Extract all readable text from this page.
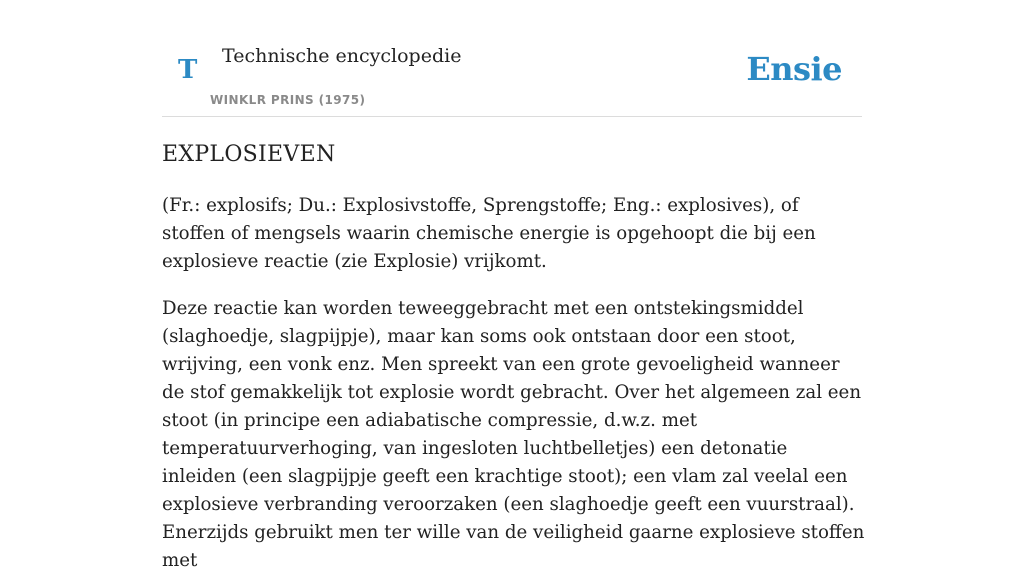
T Technische encyclopedie
WINKLR PRINS (1975)
Ensie
EXPLOSIEVEN

(Fr.: explosifs; Du.: Explosivstoffe, Sprengstoffe; Eng.: explosives), of stoffen of mengsels waarin chemische energie is opgehoopt die bij een explosieve reactie (zie Explosie) vrijkomt.

Deze reactie kan worden teweeggebracht met een ontstekingsmiddel (slaghoedje, slagpijpje), maar kan soms ook ontstaan door een stoot, wrijving, een vonk enz. Men spreekt van een grote gevoeligheid wanneer de stof gemakkelijk tot explosie wordt gebracht. Over het algemeen zal een stoot (in principe een adiabatische compressie, d.w.z. met temperatuurverhoging, van ingesloten luchtbelletjes) een detonatie inleiden (een slagpijpje geeft een krachtige stoot); een vlam zal veelal een explosieve verbranding veroorzaken (een slaghoedje geeft een vuurstraal). Enerzijds gebruikt men ter wille van de veiligheid gaarne explosieve stoffen met
